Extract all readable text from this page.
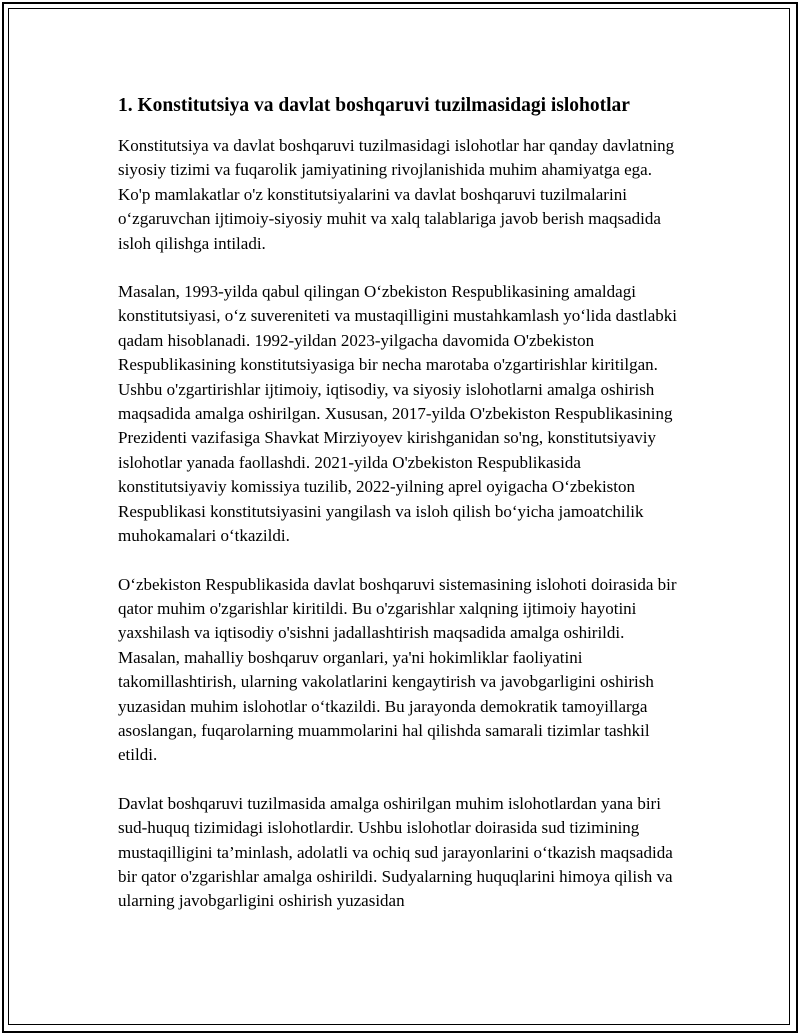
1. Konstitutsiya va davlat boshqaruvi tuzilmasidagi islohotlar

Konstitutsiya va davlat boshqaruvi tuzilmasidagi islohotlar har qanday davlatning siyosiy tizimi va fuqarolik jamiyatining rivojlanishida muhim ahamiyatga ega. Ko'p mamlakatlar o'z konstitutsiyalarini va davlat boshqaruvi tuzilmalarini o‘zgaruvchan ijtimoiy-siyosiy muhit va xalq talablariga javob berish maqsadida isloh qilishga intiladi.

Masalan, 1993-yilda qabul qilingan O‘zbekiston Respublikasining amaldagi konstitutsiyasi, o‘z suvereniteti va mustaqilligini mustahkamlash yo‘lida dastlabki qadam hisoblanadi. 1992-yildan 2023-yilgacha davomida O'zbekiston Respublikasining konstitutsiyasiga bir necha marotaba o'zgartirishlar kiritilgan. Ushbu o'zgartirishlar ijtimoiy, iqtisodiy, va siyosiy islohotlarni amalga oshirish maqsadida amalga oshirilgan. Xususan, 2017-yilda O'zbekiston Respublikasining Prezidenti vazifasiga Shavkat Mirziyoyev kirishganidan so'ng, konstitutsiyaviy islohotlar yanada faollashdi. 2021-yilda O'zbekiston Respublikasida konstitutsiyaviy komissiya tuzilib, 2022-yilning aprel oyigacha O‘zbekiston Respublikasi konstitutsiyasini yangilash va isloh qilish bo‘yicha jamoatchilik muhokamalari o‘tkazildi.

O‘zbekiston Respublikasida davlat boshqaruvi sistemasining islohoti doirasida bir qator muhim o'zgarishlar kiritildi. Bu o'zgarishlar xalqning ijtimoiy hayotini yaxshilash va iqtisodiy o'sishni jadallashtirish maqsadida amalga oshirildi. Masalan, mahalliy boshqaruv organlari, ya'ni hokimliklar faoliyatini takomillashtirish, ularning vakolatlarini kengaytirish va javobgarligini oshirish yuzasidan muhim islohotlar o‘tkazildi. Bu jarayonda demokratik tamoyillarga asoslangan, fuqarolarning muammolarini hal qilishda samarali tizimlar tashkil etildi.

Davlat boshqaruvi tuzilmasida amalga oshirilgan muhim islohotlardan yana biri sud-huquq tizimidagi islohotlardir. Ushbu islohotlar doirasida sud tizimining mustaqilligini ta’minlash, adolatli va ochiq sud jarayonlarini o‘tkazish maqsadida bir qator o'zgarishlar amalga oshirildi. Sudyalarning huquqlarini himoya qilish va ularning javobgarligini oshirish yuzasidan
